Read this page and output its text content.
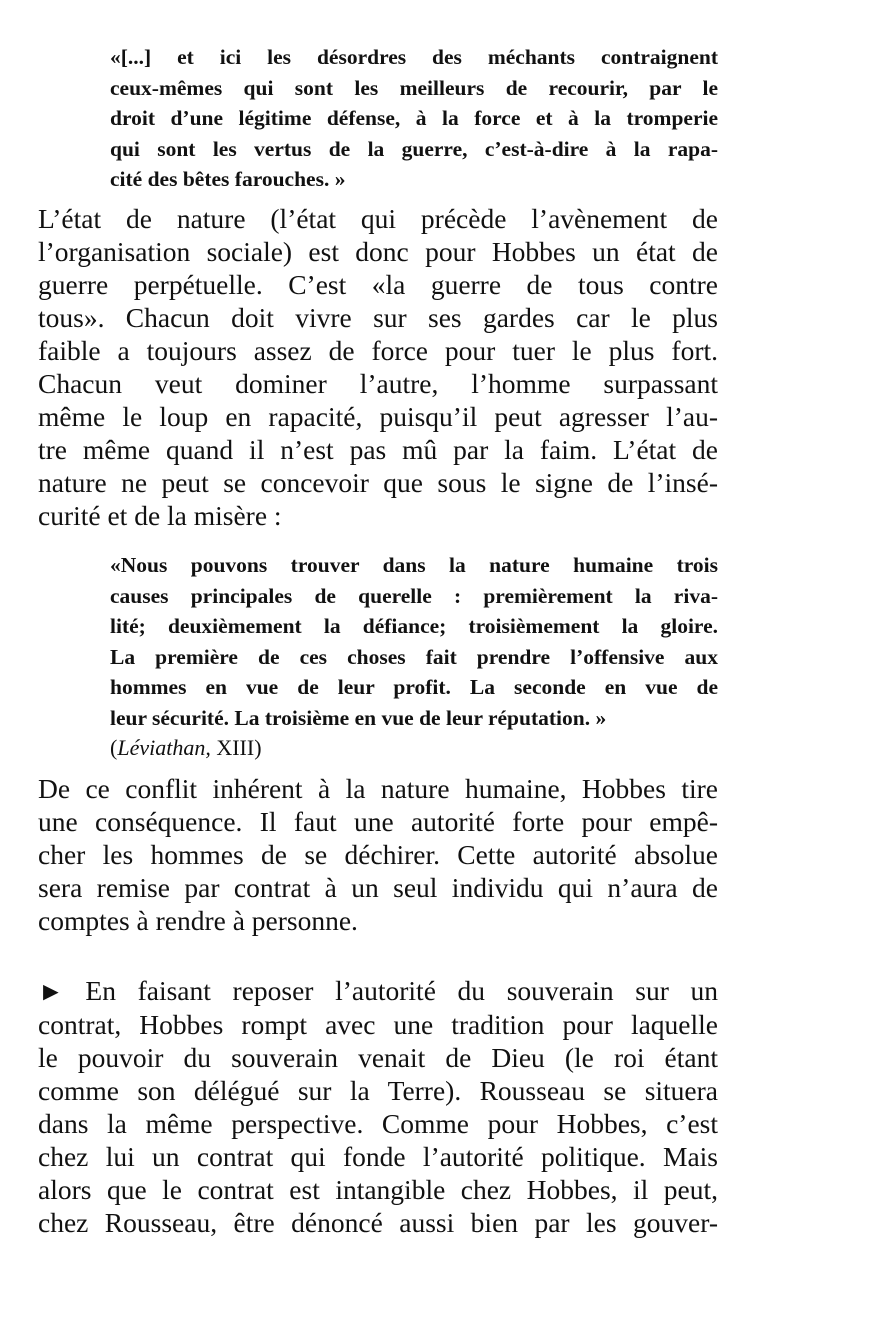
«[...] et ici les désordres des méchants contraignent
ceux-mêmes qui sont les meilleurs de recourir, par le
droit d’une légitime défense, à la force et à la tromperie
qui sont les vertus de la guerre, c’est-à-dire à la rapa-
cité des bêtes farouches. »
L’état de nature (l’état qui précède l’avènement de
l’organisation sociale) est donc pour Hobbes un état de
guerre perpétuelle. C’est «la guerre de tous contre
tous». Chacun doit vivre sur ses gardes car le plus
faible a toujours assez de force pour tuer le plus fort.
Chacun veut dominer l’autre, l’homme surpassant
même le loup en rapacité, puisqu’il peut agresser l’au-
tre même quand il n’est pas mû par la faim. L’état de
nature ne peut se concevoir que sous le signe de l’insé-
curité et de la misère :
«Nous pouvons trouver dans la nature humaine trois
causes principales de querelle : premièrement la riva-
lité; deuxièmement la défiance; troisièmement la gloire.
La première de ces choses fait prendre l’offensive aux
hommes en vue de leur profit. La seconde en vue de
leur sécurité. La troisième en vue de leur réputation. »
(Léviathan, XIII)
De ce conflit inhérent à la nature humaine, Hobbes tire
une conséquence. Il faut une autorité forte pour empê-
cher les hommes de se déchirer. Cette autorité absolue
sera remise par contrat à un seul individu qui n’aura de
comptes à rendre à personne.
► En faisant reposer l’autorité du souverain sur un
contrat, Hobbes rompt avec une tradition pour laquelle
le pouvoir du souverain venait de Dieu (le roi étant
comme son délégué sur la Terre). Rousseau se situera
dans la même perspective. Comme pour Hobbes, c’est
chez lui un contrat qui fonde l’autorité politique. Mais
alors que le contrat est intangible chez Hobbes, il peut,
chez Rousseau, être dénoncé aussi bien par les gouver-
